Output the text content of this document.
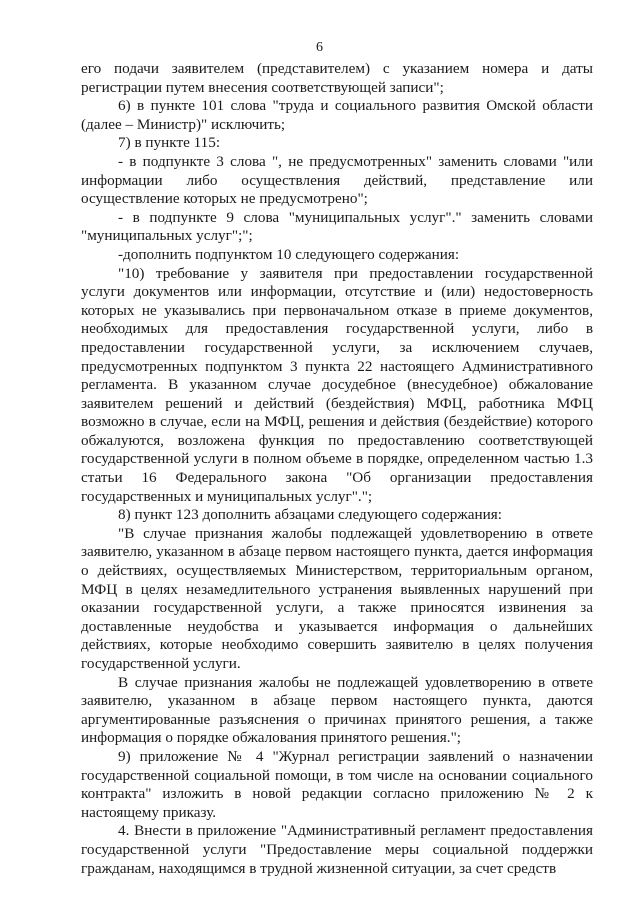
6

его подачи заявителем (представителем) с указанием номера и даты регистрации путем внесения соответствующей записи";

6) в пункте 101 слова "труда и социального развития Омской области (далее – Министр)" исключить;

7) в пункте 115:

- в подпункте 3 слова ", не предусмотренных" заменить словами "или информации либо осуществления действий, представление или осуществление которых не предусмотрено";

- в подпункте 9 слова "муниципальных услуг"." заменить словами "муниципальных услуг";";

-дополнить подпунктом 10 следующего содержания:

"10) требование у заявителя при предоставлении государственной услуги документов или информации, отсутствие и (или) недостоверность которых не указывались при первоначальном отказе в приеме документов, необходимых для предоставления государственной услуги, либо в предоставлении государственной услуги, за исключением случаев, предусмотренных подпунктом 3 пункта 22 настоящего Административного регламента. В указанном случае досудебное (внесудебное) обжалование заявителем решений и действий (бездействия) МФЦ, работника МФЦ возможно в случае, если на МФЦ, решения и действия (бездействие) которого обжалуются, возложена функция по предоставлению соответствующей государственной услуги в полном объеме в порядке, определенном частью 1.3 статьи 16 Федерального закона "Об организации предоставления государственных и муниципальных услуг".";

8) пункт 123 дополнить абзацами следующего содержания:

"В случае признания жалобы подлежащей удовлетворению в ответе заявителю, указанном в абзаце первом настоящего пункта, дается информация о действиях, осуществляемых Министерством, территориальным органом, МФЦ в целях незамедлительного устранения выявленных нарушений при оказании государственной услуги, а также приносятся извинения за доставленные неудобства и указывается информация о дальнейших действиях, которые необходимо совершить заявителю в целях получения государственной услуги.

В случае признания жалобы не подлежащей удовлетворению в ответе заявителю, указанном в абзаце первом настоящего пункта, даются аргументированные разъяснения о причинах принятого решения, а также информация о порядке обжалования принятого решения.";

9) приложение № 4 "Журнал регистрации заявлений о назначении государственной социальной помощи, в том числе на основании социального контракта" изложить в новой редакции согласно приложению № 2 к настоящему приказу.

4. Внести в приложение "Административный регламент предоставления государственной услуги "Предоставление меры социальной поддержки гражданам, находящимся в трудной жизненной ситуации, за счет средств
